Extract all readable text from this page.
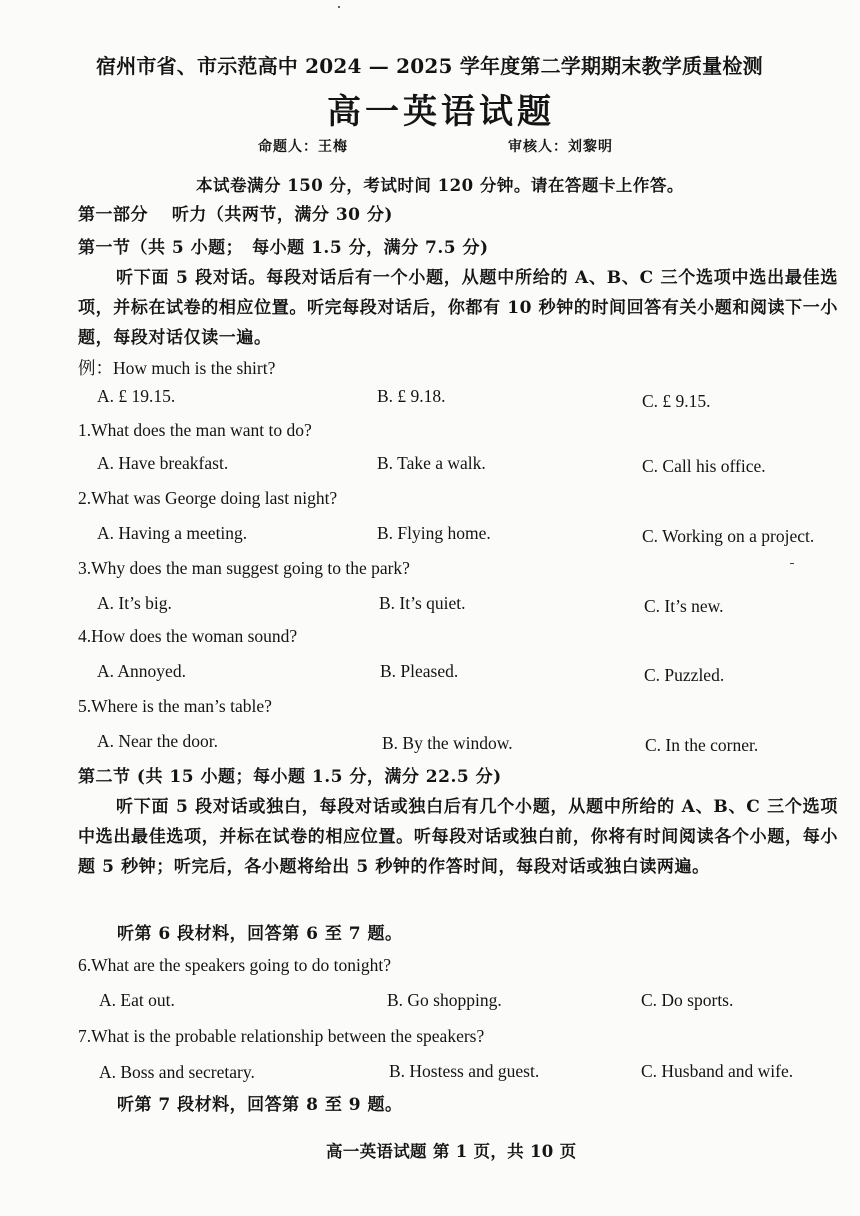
宿州市省、市示范高中 2024 — 2025 学年度第二学期期末教学质量检测
高一英语试题
命题人：王梅	审核人：刘黎明
本试卷满分 150 分，考试时间 120 分钟。请在答题卡上作答。
第一部分　 听力（共两节，满分 30 分)
第一节（共 5 小题；　每小题 1.5 分，满分 7.5 分)
听下面 5 段对话。每段对话后有一个小题，从题中所给的 A、B、C 三个选项中选出最佳选项，并标在试卷的相应位置。听完每段对话后，你都有 10 秒钟的时间回答有关小题和阅读下一小题，每段对话仅读一遍。
例：How much is the shirt?
A. £ 19.15.	B. £ 9.18.	C. £ 9.15.
1.What does the man want to do?
A. Have breakfast.	B. Take a walk.	C. Call his office.
2.What was George doing last night?
A. Having a meeting.	B. Flying home.	C. Working on a project.
3.Why does the man suggest going to the park?
A. It’s big.	B. It’s quiet.	C. It’s new.
4.How does the woman sound?
A. Annoyed.	B. Pleased.	C. Puzzled.
5.Where is the man’s table?
A. Near the door.	B. By the window.	C. In the corner.
第二节 (共 15 小题；每小题 1.5 分，满分 22.5 分)
听下面 5 段对话或独白，每段对话或独白后有几个小题，从题中所给的 A、B、C 三个选项中选出最佳选项，并标在试卷的相应位置。听每段对话或独白前，你将有时间阅读各个小题，每小题 5 秒钟；听完后，各小题将给出 5 秒钟的作答时间，每段对话或独白读两遍。
听第 6 段材料，回答第 6 至 7 题。
6.What are the speakers going to do tonight?
A. Eat out.	B. Go shopping.	C. Do sports.
7.What is the probable relationship between the speakers?
A. Boss and secretary.	B. Hostess and guest.	C. Husband and wife.
听第 7 段材料，回答第 8 至 9 题。
高一英语试题 第 1 页，共 10 页
